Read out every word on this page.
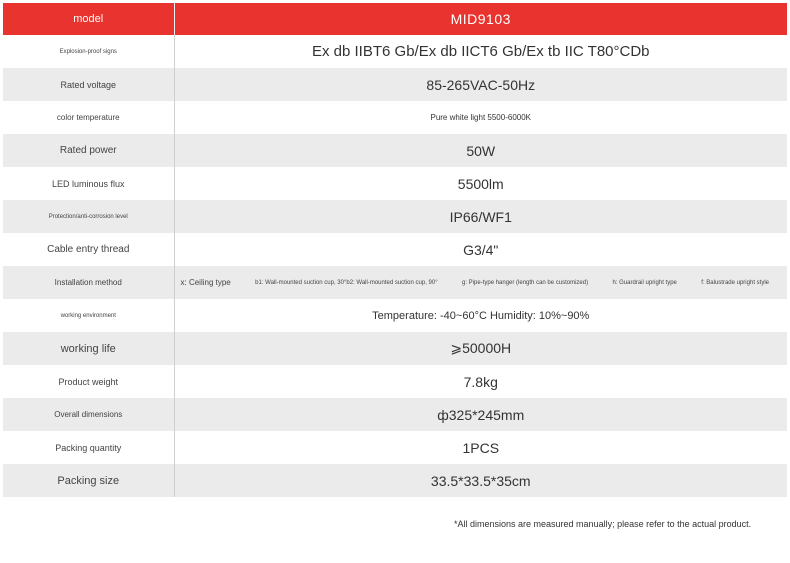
model	MID9103
Explosion-proof signs	Ex db IIBT6 Gb/Ex db IICT6 Gb/Ex tb IIC T80°CDb
Rated voltage	85-265VAC-50Hz
color temperature	Pure white light 5500-6000K
Rated power	50W
LED luminous flux	5500lm
Protection/anti-corrosion level	IP66/WF1
Cable entry thread	G3/4"
Installation method	x: Ceiling type b1: Wall-mounted suction cup, 30°b2: Wall-mounted suction cup, 90° g: Pipe-type hanger (length can be customized) h: Guardrail upright type f: Balustrade upright style

working environment	Temperature: -40~60°C Humidity: 10%~90%
working life	⩾50000H
Product weight	7.8kg
Overall dimensions	ф325*245mm
Packing quantity	1PCS
Packing size	33.5*33.5*35cm
*All dimensions are measured manually; please refer to the actual product.
